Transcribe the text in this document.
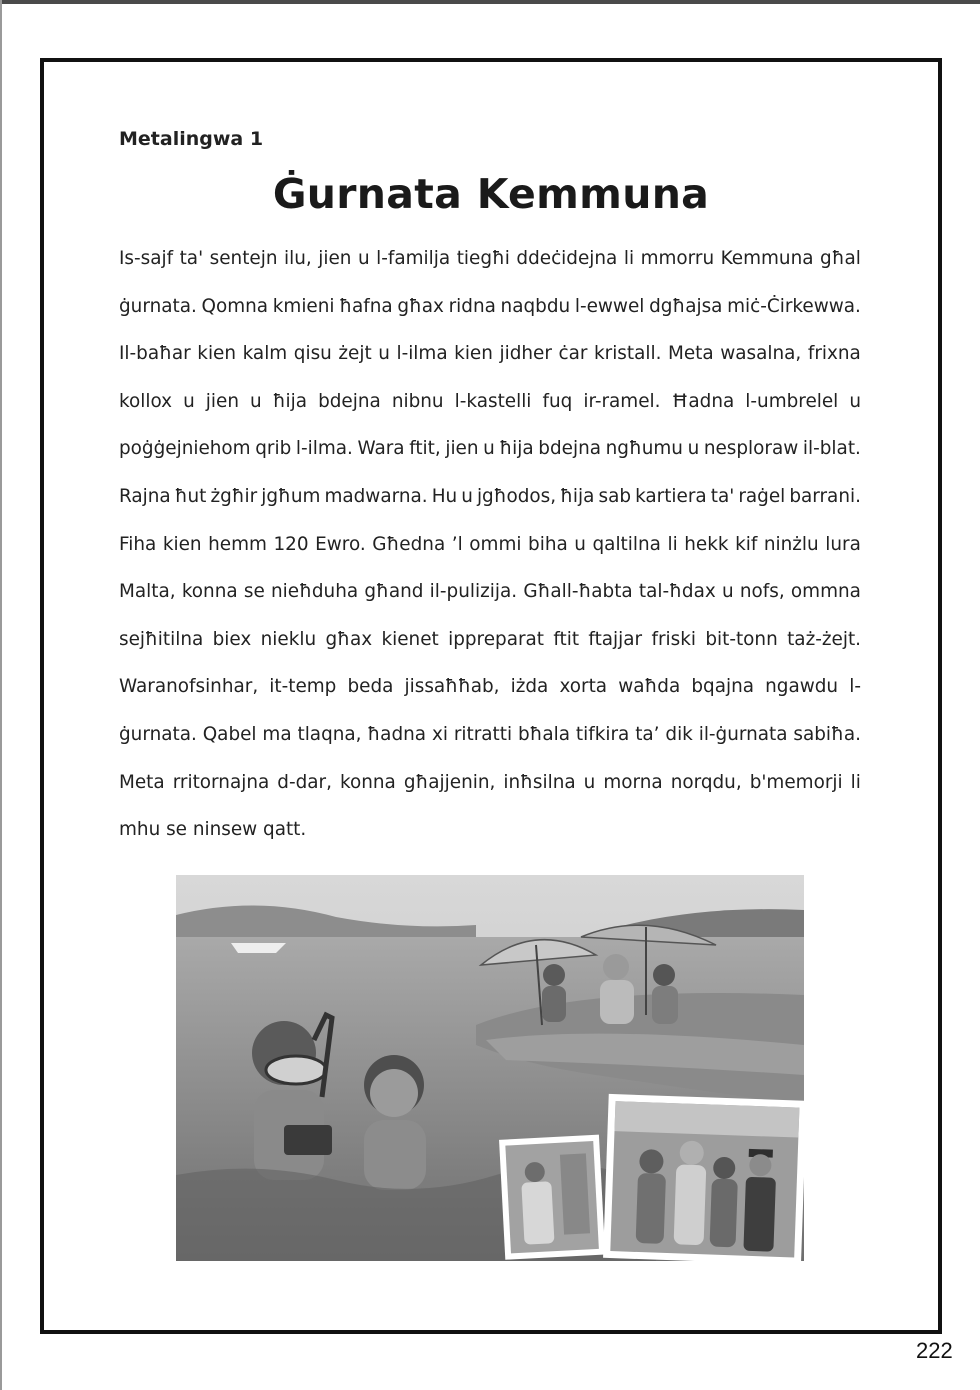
Metalingwa 1
Ġurnata Kemmuna
Is-sajf ta' sentejn ilu, jien u l-familja tiegħi ddeċidejna li mmorru Kemmuna għal
ġurnata. Qomna kmieni ħafna għax ridna naqbdu l-ewwel dgħajsa miċ-Ċirkewwa.
Il-baħar kien kalm qisu żejt u l-ilma kien jidher ċar kristall. Meta wasalna, frixna
kollox u jien u ħija bdejna nibnu l-kastelli fuq ir-ramel. Ħadna l-umbrelel u
poġġejniehom qrib l-ilma. Wara ftit, jien u ħija bdejna ngħumu u nesploraw il-blat.
Rajna ħut żgħir jgħum madwarna. Hu u jgħodos, ħija sab kartiera ta' raġel barrani.
Fiha kien hemm 120 Ewro. Għedna ’l ommi biha u qaltilna li hekk kif ninżlu lura
Malta, konna se nieħduha għand il-pulizija. Għall-ħabta tal-ħdax u nofs, ommna
sejħitilna biex nieklu għax kienet ippreparat ftit ftajjar friski bit-tonn taż-żejt.
Waranofsinhar, it-temp beda jissaħħab, iżda xorta waħda bqajna ngawdu l-
ġurnata. Qabel ma tlaqna, ħadna xi ritratti bħala tifkira ta’ dik il-ġurnata sabiħa.
Meta rritornajna d-dar, konna għajjenin, inħsilna u morna norqdu, b'memorji li
mhu se ninsew qatt.
222
